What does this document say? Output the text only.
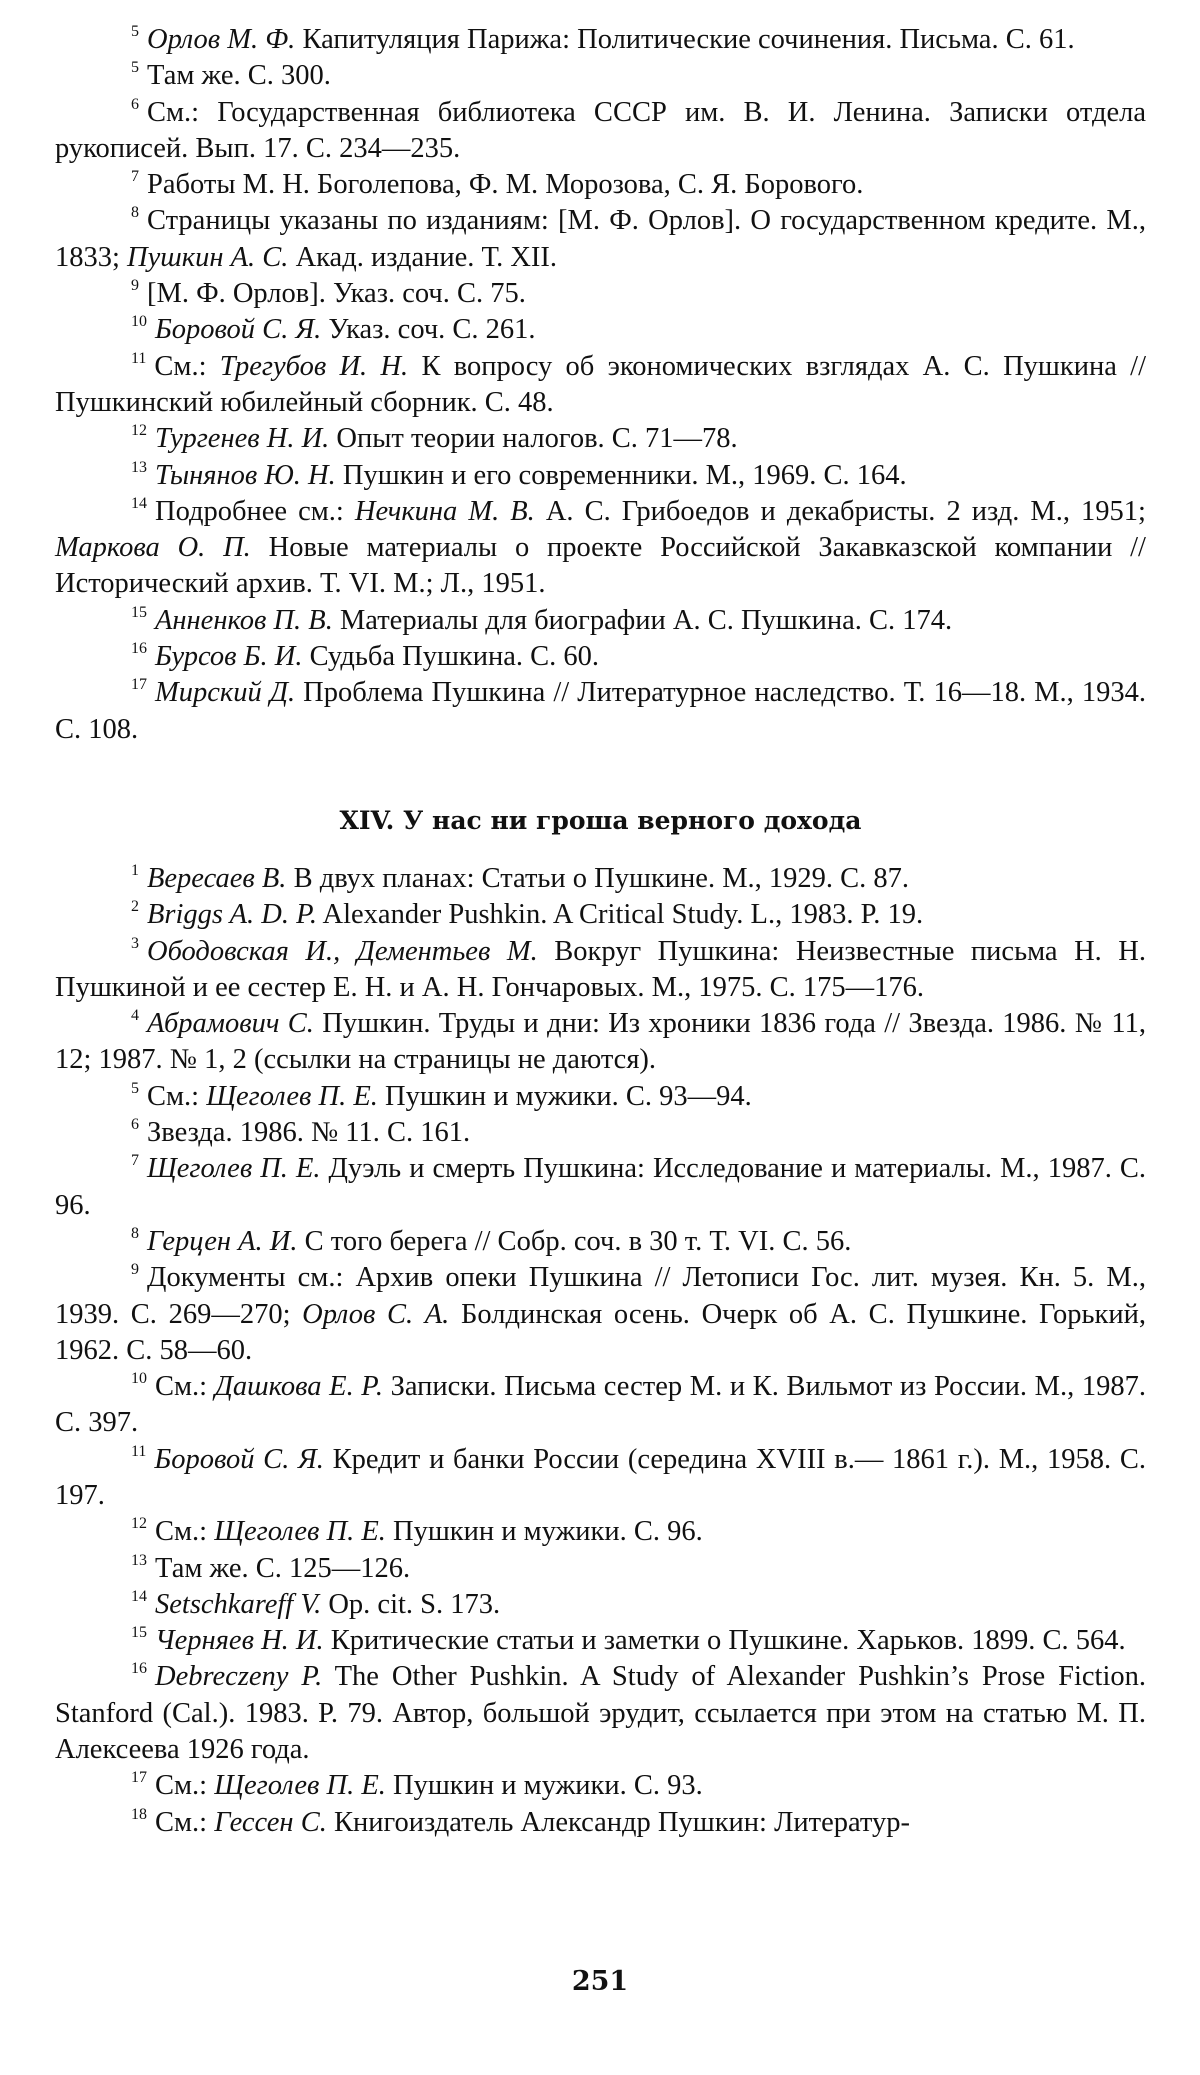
$^5$ Орлов М. Ф. Капитуляция Парижа: Политические сочинения. Письма. С. 61.

$^5$ Там же. С. 300.

$^6$ См.: Государственная библиотека СССР им. В. И. Ленина. Записки отдела рукописей. Вып. 17. С. 234—235.

$^7$ Работы М. Н. Боголепова, Ф. М. Морозова, С. Я. Борового.

$^8$ Страницы указаны по изданиям: [М. Ф. Орлов]. О государственном кредите. М., 1833; Пушкин А. С. Акад. издание. Т. XII.

$^9$ [М. Ф. Орлов]. Указ. соч. С. 75.

$^{10}$ Боровой С. Я. Указ. соч. С. 261.

$^{11}$ См.: Трегубов И. Н. К вопросу об экономических взглядах А. С. Пушкина // Пушкинский юбилейный сборник. С. 48.

$^{12}$ Тургенев Н. И. Опыт теории налогов. С. 71—78.

$^{13}$ Тынянов Ю. Н. Пушкин и его современники. М., 1969. С. 164.

$^{14}$ Подробнее см.: Нечкина М. В. А. С. Грибоедов и декабристы. 2 изд. М., 1951; Маркова О. П. Новые материалы о проекте Российской Закавказской компании // Исторический архив. Т. VI. М.; Л., 1951.

$^{15}$ Анненков П. В. Материалы для биографии А. С. Пушкина. С. 174.

$^{16}$ Бурсов Б. И. Судьба Пушкина. С. 60.

$^{17}$ Мирский Д. Проблема Пушкина // Литературное наследство. Т. 16—18. М., 1934. С. 108.

XIV. У нас ни гроша верного дохода

$^1$ Вересаев В. В двух планах: Статьи о Пушкине. М., 1929. С. 87.

$^2$ Briggs A. D. P. Alexander Pushkin. A Critical Study. L., 1983. P. 19.

$^3$ Ободовская И., Дементьев М. Вокруг Пушкина: Неизвестные письма Н. Н. Пушкиной и ее сестер Е. Н. и А. Н. Гончаровых. М., 1975. С. 175—176.

$^4$ Абрамович С. Пушкин. Труды и дни: Из хроники 1836 года // Звезда. 1986. № 11, 12; 1987. № 1, 2 (ссылки на страницы не даются).

$^5$ См.: Щеголев П. Е. Пушкин и мужики. С. 93—94.

$^6$ Звезда. 1986. № 11. С. 161.

$^7$ Щеголев П. Е. Дуэль и смерть Пушкина: Исследование и материалы. М., 1987. С. 96.

$^8$ Герцен А. И. С того берега // Собр. соч. в 30 т. Т. VI. С. 56.

$^9$ Документы см.: Архив опеки Пушкина // Летописи Гос. лит. музея. Кн. 5. М., 1939. С. 269—270; Орлов С. А. Болдинская осень. Очерк об А. С. Пушкине. Горький, 1962. С. 58—60.

$^{10}$ См.: Дашкова Е. Р. Записки. Письма сестер М. и К. Вильмот из России. М., 1987. С. 397.

$^{11}$ Боровой С. Я. Кредит и банки России (середина XVIII в.— 1861 г.). М., 1958. С. 197.

$^{12}$ См.: Щеголев П. Е. Пушкин и мужики. С. 96.

$^{13}$ Там же. С. 125—126.

$^{14}$ Setschkareff V. Op. cit. S. 173.

$^{15}$ Черняев Н. И. Критические статьи и заметки о Пушкине. Харьков. 1899. С. 564.

$^{16}$ Debreczeny P. The Other Pushkin. A Study of Alexander Pushkin’s Prose Fiction. Stanford (Cal.). 1983. P. 79. Автор, большой эрудит, ссылается при этом на статью М. П. Алексеева 1926 года.

$^{17}$ См.: Щеголев П. Е. Пушкин и мужики. С. 93.

$^{18}$ См.: Гессен С. Книгоиздатель Александр Пушкин: Литератур-

251
